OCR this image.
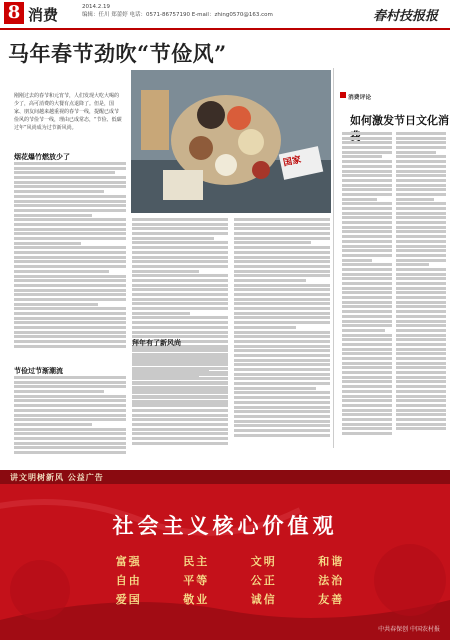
8 消费	2014.2.19
编辑：任川 郑蕾婷 电话：0571-86757190 E-mail：zhing0570@163.com	春村技报报
马年春节劲吹“节俭风”
刚刚过去的春节和元宵节，人们发现大吃大喝的少了，高可消费的大餐有点退降了。但是，国家、朋友间越来越重视的春节一线，提醒已成节俭风的节俭节一线，理由已成常态，“节俭、低碳过年”风尚成为过节新风尚。
烟花爆竹燃放少了
节俭过节渐潮流
国家
拜年有了新风尚
消费评论
如何激发节日文化消
讲文明树新风 公益广告
社会主义核心价值观
富强	民主	文明	和谐
自由	平等	公正	法治
爱国	敬业	诚信	友善
中共春保创 中国农村报
